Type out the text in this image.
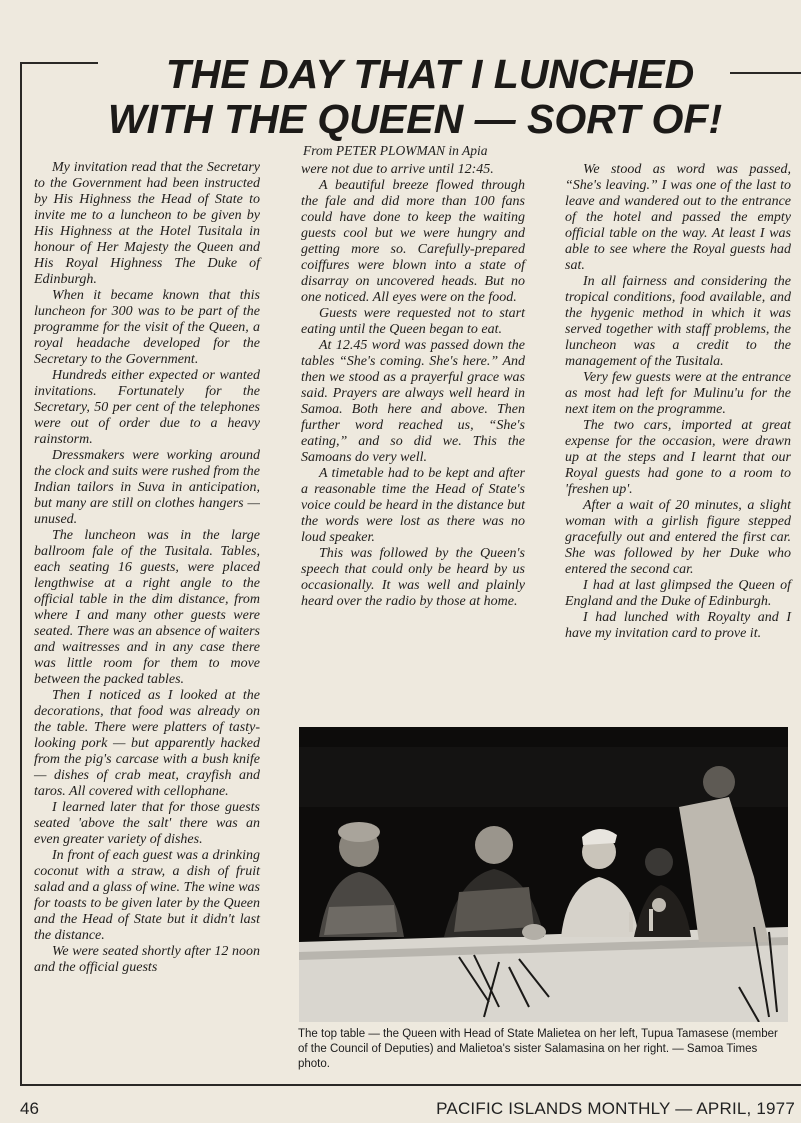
THE DAY THAT I LUNCHED
WITH THE QUEEN — SORT OF!
From PETER PLOWMAN in Apia

My invitation read that the Secretary to the Government had been instructed by His Highness the Head of State to invite me to a luncheon to be given by His Highness at the Hotel Tusitala in honour of Her Majesty the Queen and His Royal Highness The Duke of Edinburgh.

When it became known that this luncheon for 300 was to be part of the programme for the visit of the Queen, a royal headache developed for the Secretary to the Government.

Hundreds either expected or wanted invitations. Fortunately for the Secretary, 50 per cent of the telephones were out of order due to a heavy rainstorm.

Dressmakers were working around the clock and suits were rushed from the Indian tailors in Suva in anticipation, but many are still on clothes hangers — unused.

The luncheon was in the large ballroom fale of the Tusitala. Tables, each seating 16 guests, were placed lengthwise at a right angle to the official table in the dim distance, from where I and many other guests were seated. There was an absence of waiters and waitresses and in any case there was little room for them to move between the packed tables.

Then I noticed as I looked at the decorations, that food was already on the table. There were platters of tasty-looking pork — but apparently hacked from the pig's carcase with a bush knife — dishes of crab meat, crayfish and taros. All covered with cellophane.

I learned later that for those guests seated 'above the salt' there was an even greater variety of dishes.

In front of each guest was a drinking coconut with a straw, a dish of fruit salad and a glass of wine. The wine was for toasts to be given later by the Queen and the Head of State but it didn't last the distance.

We were seated shortly after 12 noon and the official guests

were not due to arrive until 12:45.

A beautiful breeze flowed through the fale and did more than 100 fans could have done to keep the waiting guests cool but we were hungry and getting more so. Carefully-prepared coiffures were blown into a state of disarray on uncovered heads. But no one noticed. All eyes were on the food.

Guests were requested not to start eating until the Queen began to eat.

At 12.45 word was passed down the tables “She's coming. She's here.” And then we stood as a prayerful grace was said. Prayers are always well heard in Samoa. Both here and above. Then further word reached us, “She's eating,” and so did we. This the Samoans do very well.

A timetable had to be kept and after a reasonable time the Head of State's voice could be heard in the distance but the words were lost as there was no loud speaker.

This was followed by the Queen's speech that could only be heard by us occasionally. It was well and plainly heard over the radio by those at home.

We stood as word was passed, “She's leaving.” I was one of the last to leave and wandered out to the entrance of the hotel and passed the empty official table on the way. At least I was able to see where the Royal guests had sat.

In all fairness and considering the tropical conditions, food available, and the hygenic method in which it was served together with staff problems, the luncheon was a credit to the management of the Tusitala.

Very few guests were at the entrance as most had left for Mulinu'u for the next item on the programme.

The two cars, imported at great expense for the occasion, were drawn up at the steps and I learnt that our Royal guests had gone to a room to 'freshen up'.

After a wait of 20 minutes, a slight woman with a girlish figure stepped gracefully out and entered the first car. She was followed by her Duke who entered the second car.

I had at last glimpsed the Queen of England and the Duke of Edinburgh.

I had lunched with Royalty and I have my invitation card to prove it.

The top table — the Queen with Head of State Malietea on her left, Tupua Tamasese (member of the Council of Deputies) and Malietoa's sister Salamasina on her right. — Samoa Times photo.
46	PACIFIC ISLANDS MONTHLY — APRIL, 1977
